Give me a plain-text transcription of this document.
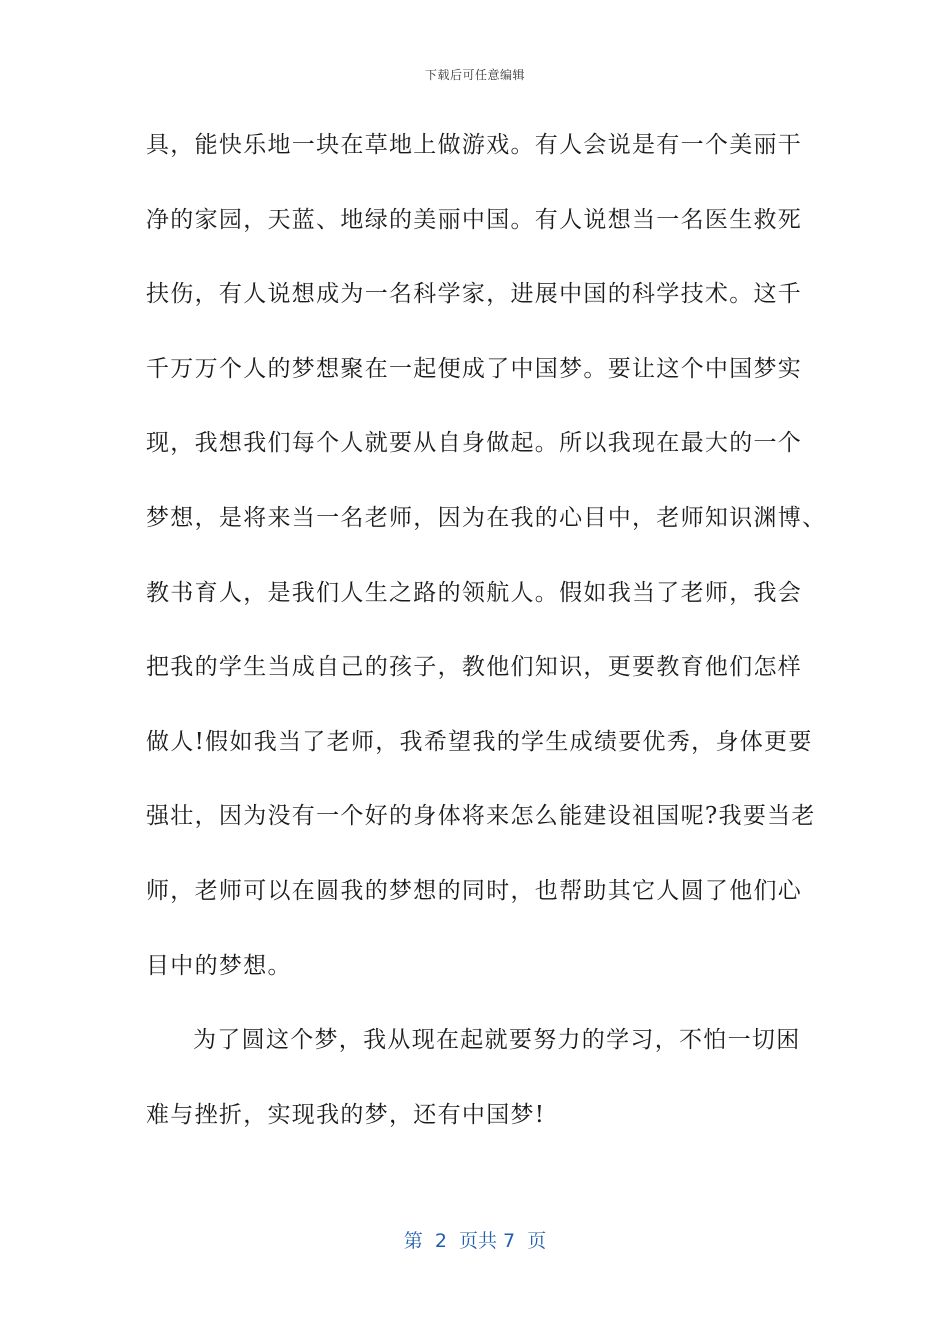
下载后可任意编辑
具，能快乐地一块在草地上做游戏。有人会说是有一个美丽干
净的家园，天蓝、地绿的美丽中国。有人说想当一名医生救死
扶伤，有人说想成为一名科学家，进展中国的科学技术。这千
千万万个人的梦想聚在一起便成了中国梦。要让这个中国梦实
现，我想我们每个人就要从自身做起。所以我现在最大的一个
梦想，是将来当一名老师，因为在我的心目中，老师知识渊博、
教书育人，是我们人生之路的领航人。假如我当了老师，我会
把我的学生当成自己的孩子，教他们知识，更要教育他们怎样
做人!假如我当了老师，我希望我的学生成绩要优秀，身体更要
强壮，因为没有一个好的身体将来怎么能建设祖国呢?我要当老
师，老师可以在圆我的梦想的同时，也帮助其它人圆了他们心
目中的梦想。
为了圆这个梦，我从现在起就要努力的学习，不怕一切困
难与挫折，实现我的梦，还有中国梦!
第  2  页共 7  页
